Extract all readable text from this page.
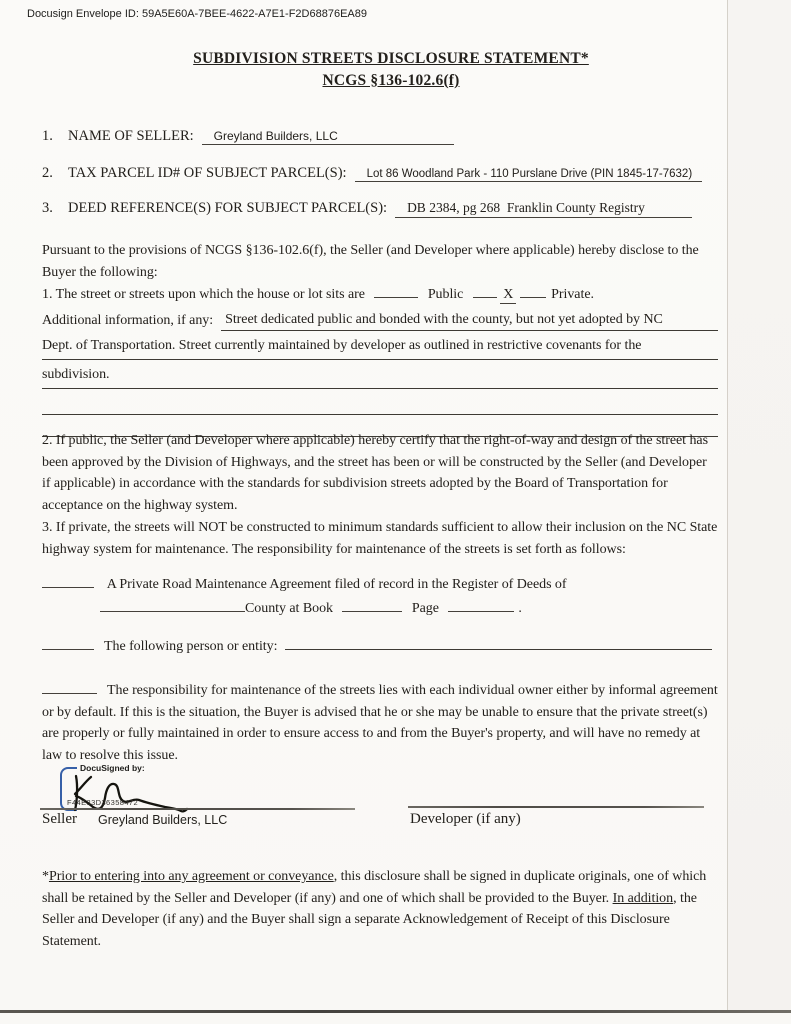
Docusign Envelope ID: 59A5E60A-7BEE-4622-A7E1-F2D68876EA89
SUBDIVISION STREETS DISCLOSURE STATEMENT*
NCGS §136-102.6(f)
1.	NAME OF SELLER:	Greyland Builders, LLC
2.	TAX PARCEL ID# OF SUBJECT PARCEL(S):	Lot 86 Woodland Park - 110 Purslane Drive (PIN 1845-17-7632)
3.	DEED REFERENCE(S) FOR SUBJECT PARCEL(S):	DB 2384, pg 268  Franklin County Registry
Pursuant to the provisions of NCGS §136-102.6(f), the Seller (and Developer where applicable) hereby disclose to the Buyer the following:
1. The street or streets upon which the house or lot sits are	Public	X	Private.
Additional information, if any: Street dedicated public and bonded with the county, but not yet adopted by NC
Dept. of Transportation. Street currently maintained by developer as outlined in restrictive covenants for the
subdivision.
2. If public, the Seller (and Developer where applicable) hereby certify that the right-of-way and design of the street has been approved by the Division of Highways, and the street has been or will be constructed by the Seller (and Developer if applicable) in accordance with the standards for subdivision streets adopted by the Board of Transportation for acceptance on the highway system.
3. If private, the streets will NOT be constructed to minimum standards sufficient to allow their inclusion on the NC State highway system for maintenance. The responsibility for maintenance of the streets is set forth as follows:
A Private Road Maintenance Agreement filed of record in the Register of Deeds of
County at Book	Page	.
The following person or entity:
The responsibility for maintenance of the streets lies with each individual owner either by informal agreement or by default. If this is the situation, the Buyer is advised that he or she may be unable to ensure that the private street(s) are properly or fully maintained in order to ensure access to and from the Buyer's property, and will have no remedy at law to resolve this issue.
DocuSigned by:
F44E33D36358472
Seller Greyland Builders, LLC	Developer (if any)
*Prior to entering into any agreement or conveyance, this disclosure shall be signed in duplicate originals, one of which shall be retained by the Seller and Developer (if any) and one of which shall be provided to the Buyer. In addition, the Seller and Developer (if any) and the Buyer shall sign a separate Acknowledgement of Receipt of this Disclosure Statement.
